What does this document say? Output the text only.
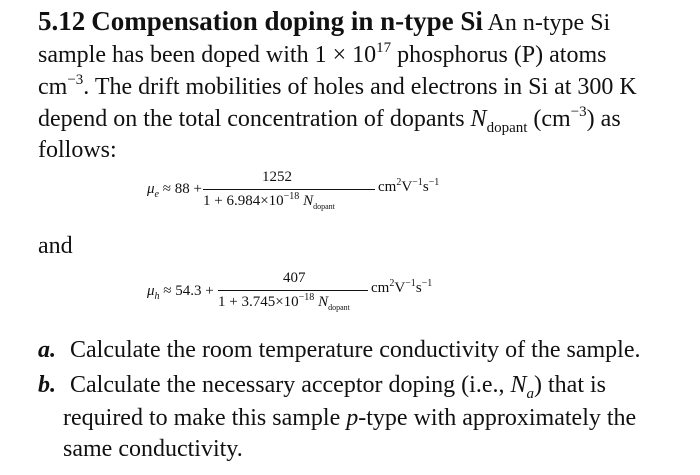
5.12 Compensation doping in n-type Si An n-type Si
sample has been doped with $1 \times 10^{17}$ phosphorus (P) atoms
$cm^{-3}$. The drift mobilities of holes and electrons in Si at 300 K
depend on the total concentration of dopants $N_{dopant}$ $(cm^{-3})$ as
follows:
$\mu_e \approx 88$ +
1252
$1 + 6.984\times 10^{-18}$ $N_{dopant}$
$cm^2V^{-1}s^{-1}$
and
$\mu_h \approx 54.3$ +
407
$1 + 3.745\times 10^{-18}$ $N_{dopant}$
$cm^2V^{-1}s^{-1}$
a. Calculate the room temperature conductivity of the sample.
b. Calculate the necessary acceptor doping (i.e., $N_a$) that is
required to make this sample p-type with approximately the
same conductivity.
